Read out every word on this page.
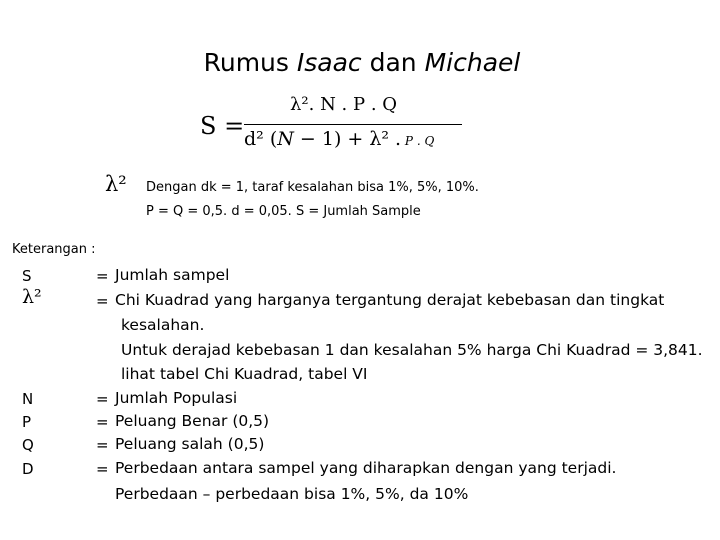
Rumus Isaac dan Michael
S =
λ². N . P . Q
d² (N − 1) + λ² . P . Q
λ² Dengan dk = 1, taraf kesalahan bisa 1%, 5%, 10%.
P = Q = 0,5. d = 0,05. S = Jumlah Sample
Keterangan :
S	= Jumlah sampel
λ²	= Chi Kuadrad yang harganya tergantung derajat kebebasan dan tingkat
kesalahan.
Untuk derajad kebebasan 1 dan kesalahan 5% harga Chi Kuadrad = 3,841.
lihat tabel Chi Kuadrad, tabel VI
N	= Jumlah Populasi
P	= Peluang Benar (0,5)
Q	= Peluang salah (0,5)
D	= Perbedaan antara sampel yang diharapkan dengan yang terjadi.
Perbedaan – perbedaan bisa 1%, 5%, da 10%
